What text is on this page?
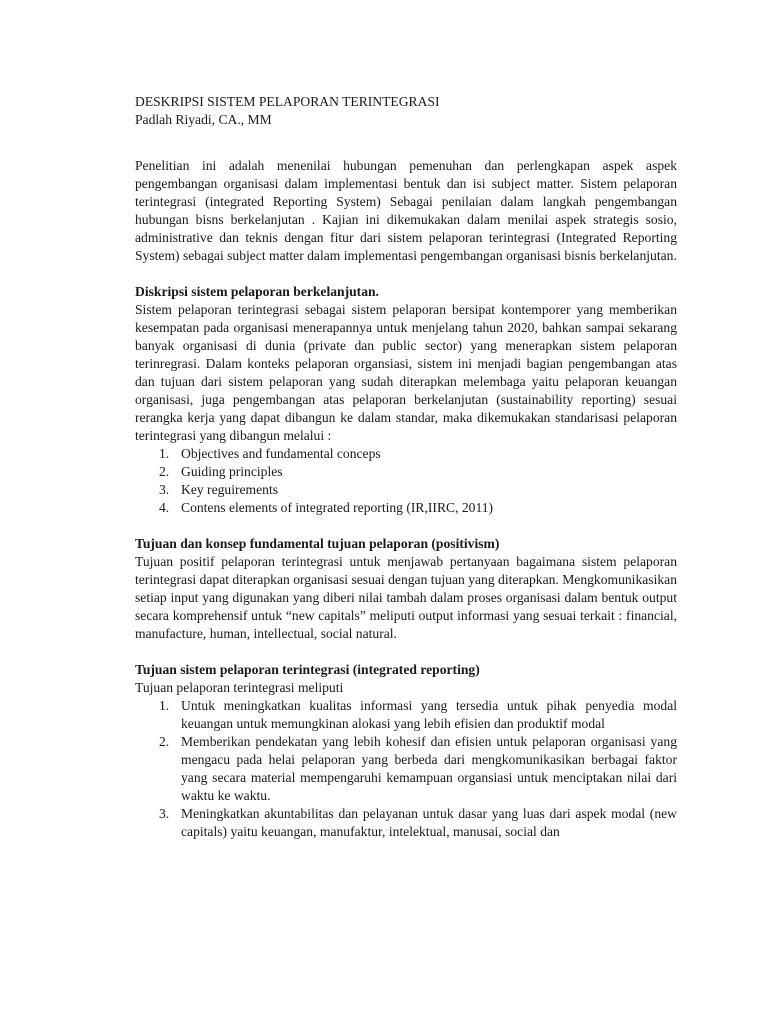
DESKRIPSI SISTEM PELAPORAN TERINTEGRASI
Padlah Riyadi, CA., MM

Penelitian ini adalah menenilai hubungan pemenuhan dan perlengkapan aspek aspek pengembangan organisasi dalam implementasi bentuk dan isi subject matter. Sistem pelaporan terintegrasi (integrated Reporting System) Sebagai penilaian dalam langkah pengembangan hubungan bisns berkelanjutan . Kajian ini dikemukakan dalam menilai aspek strategis sosio, administrative dan teknis dengan fitur dari sistem pelaporan terintegrasi (Integrated Reporting System) sebagai subject matter dalam implementasi pengembangan organisasi bisnis berkelanjutan.

Diskripsi sistem pelaporan berkelanjutan.

Sistem pelaporan terintegrasi sebagai sistem pelaporan bersipat kontemporer yang memberikan kesempatan pada organisasi menerapannya untuk menjelang tahun 2020, bahkan sampai sekarang banyak organisasi di dunia (private dan public sector) yang menerapkan sistem pelaporan terinregrasi. Dalam konteks pelaporan organsiasi, sistem ini menjadi bagian pengembangan atas dan tujuan dari sistem pelaporan yang sudah diterapkan melembaga yaitu pelaporan keuangan organisasi, juga pengembangan atas pelaporan berkelanjutan (sustainability reporting) sesuai rerangka kerja yang dapat dibangun ke dalam standar, maka dikemukakan standarisasi pelaporan terintegrasi yang dibangun melalui :

1. Objectives and fundamental conceps
2. Guiding principles
3. Key reguirements
4. Contens elements of integrated reporting (IR,IIRC, 2011)
Tujuan dan konsep fundamental tujuan pelaporan (positivism)

Tujuan positif pelaporan terintegrasi untuk menjawab pertanyaan bagaimana sistem pelaporan terintegrasi dapat diterapkan organisasi sesuai dengan tujuan yang diterapkan. Mengkomunikasikan setiap input yang digunakan yang diberi nilai tambah dalam proses organisasi dalam bentuk output secara komprehensif untuk “new capitals” meliputi output informasi yang sesuai terkait : financial, manufacture, human, intellectual, social natural.

Tujuan sistem pelaporan terintegrasi (integrated reporting)
Tujuan pelaporan terintegrasi meliputi
1. Untuk meningkatkan kualitas informasi yang tersedia untuk pihak penyedia modal keuangan untuk memungkinan alokasi yang lebih efisien dan produktif modal
2. Memberikan pendekatan yang lebih kohesif dan efisien untuk pelaporan organisasi yang mengacu pada helai pelaporan yang berbeda dari mengkomunikasikan berbagai faktor yang secara material mempengaruhi kemampuan organsiasi untuk menciptakan nilai dari waktu ke waktu.
3. Meningkatkan akuntabilitas dan pelayanan untuk dasar yang luas dari aspek modal (new capitals) yaitu keuangan, manufaktur, intelektual, manusai, social dan
